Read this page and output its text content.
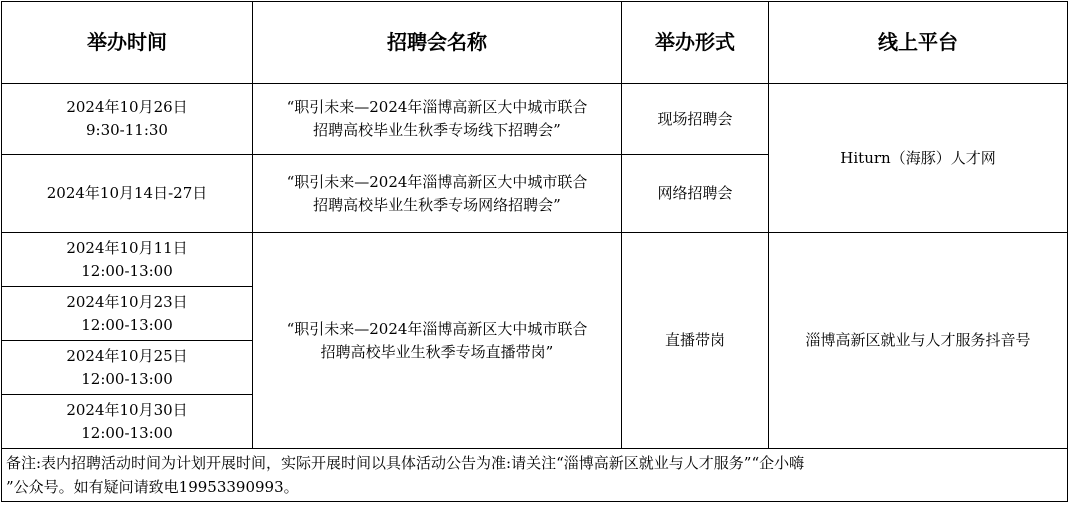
举办时间	招聘会名称	举办形式	线上平台

2024年10月26日
9:30-11:30	“职引未来—2024年淄博高新区大中城市联合
招聘高校毕业生秋季专场线下招聘会”	现场招聘会	Hiturn（海豚）人才网

2024年10月14日-27日	“职引未来—2024年淄博高新区大中城市联合
招聘高校毕业生秋季专场网络招聘会”	网络招聘会	

2024年10月11日
12:00-13:00	“职引未来—2024年淄博高新区大中城市联合
招聘高校毕业生秋季专场直播带岗”	直播带岗	淄博高新区就业与人才服务抖音号

2024年10月23日
12:00-13:00			

2024年10月25日
12:00-13:00			

2024年10月30日
12:00-13:00			

备注:表内招聘活动时间为计划开展时间，实际开展时间以具体活动公告为准:请关注“淄博高新区就业与人才服务”“企小嗨
”公众号。如有疑问请致电19953390993。			
